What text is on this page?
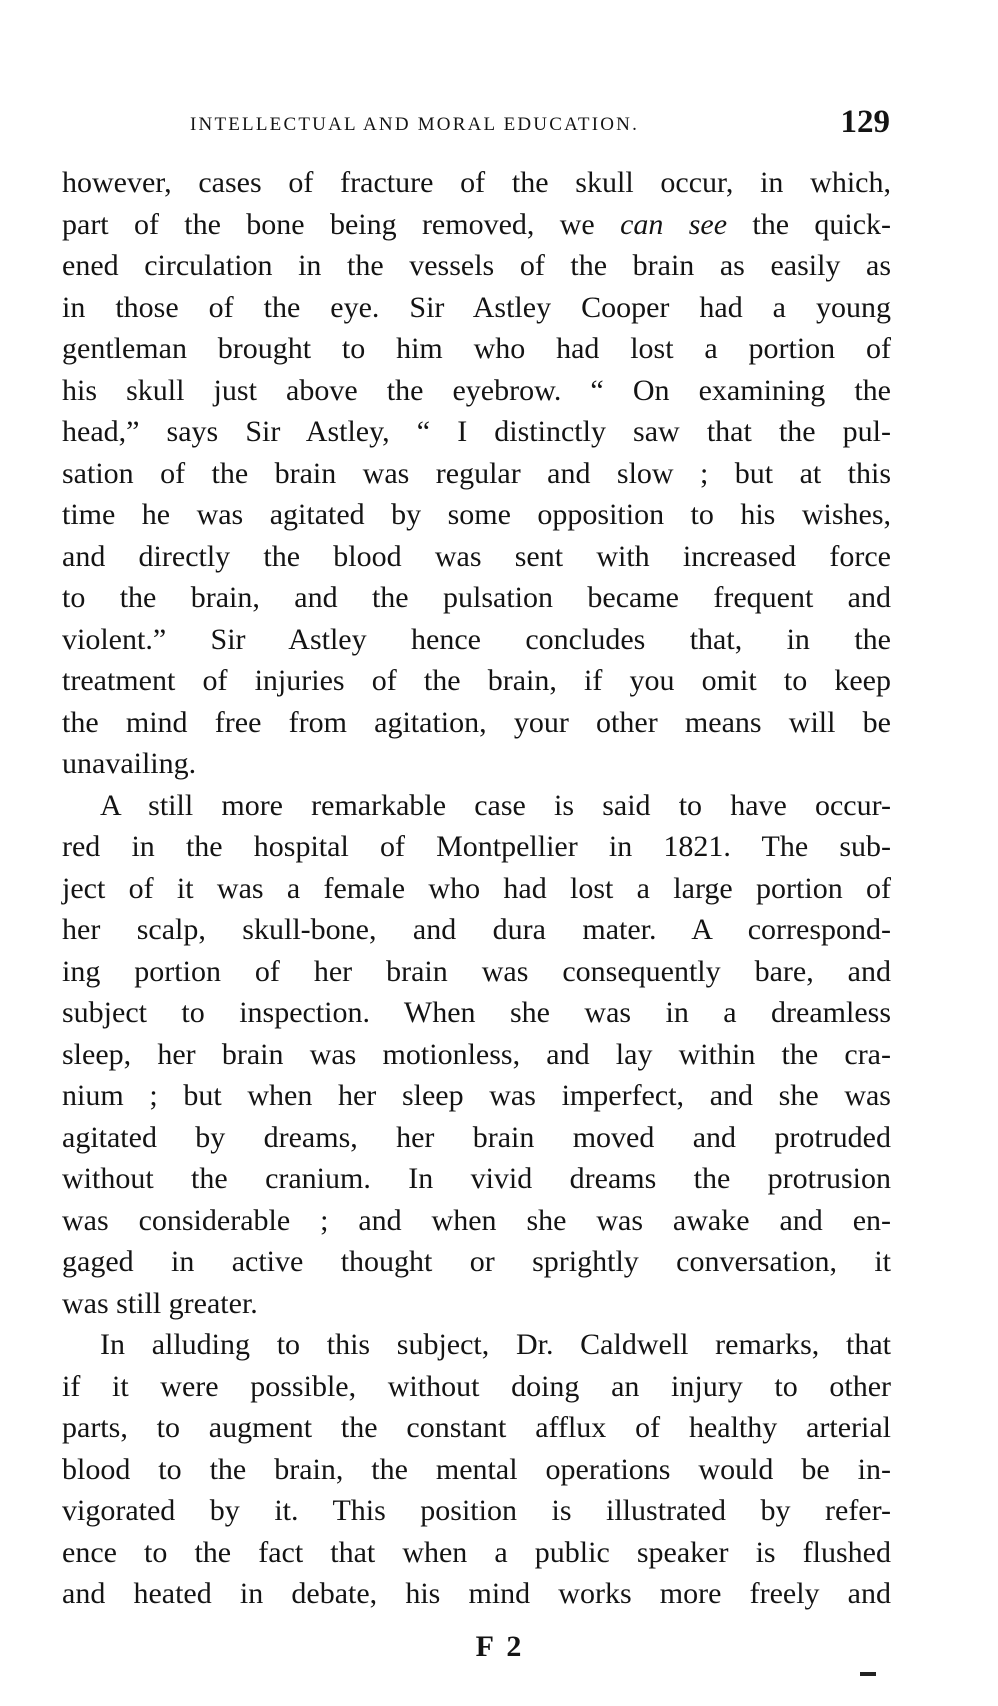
INTELLECTUAL AND MORAL EDUCATION.	129
however, cases of fracture of the skull occur, in which,
part of the bone being removed, we can see the quick-
ened circulation in the vessels of the brain as easily as
in those of the eye. Sir Astley Cooper had a young
gentleman brought to him who had lost a portion of
his skull just above the eyebrow. “ On examining the
head,” says Sir Astley, “ I distinctly saw that the pul-
sation of the brain was regular and slow ; but at this
time he was agitated by some opposition to his wishes,
and directly the blood was sent with increased force
to the brain, and the pulsation became frequent and
violent.” Sir Astley hence concludes that, in the
treatment of injuries of the brain, if you omit to keep
the mind free from agitation, your other means will be
unavailing.
A still more remarkable case is said to have occur-
red in the hospital of Montpellier in 1821. The sub-
ject of it was a female who had lost a large portion of
her scalp, skull-bone, and dura mater. A correspond-
ing portion of her brain was consequently bare, and
subject to inspection. When she was in a dreamless
sleep, her brain was motionless, and lay within the cra-
nium ; but when her sleep was imperfect, and she was
agitated by dreams, her brain moved and protruded
without the cranium. In vivid dreams the protrusion
was considerable ; and when she was awake and en-
gaged in active thought or sprightly conversation, it
was still greater.
In alluding to this subject, Dr. Caldwell remarks, that
if it were possible, without doing an injury to other
parts, to augment the constant afflux of healthy arterial
blood to the brain, the mental operations would be in-
vigorated by it. This position is illustrated by refer-
ence to the fact that when a public speaker is flushed
and heated in debate, his mind works more freely and
F 2
